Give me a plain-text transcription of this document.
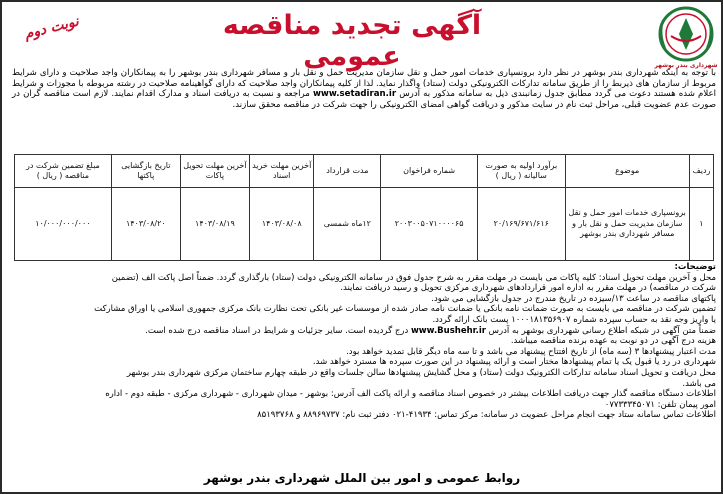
نوبت دوم	آگهی تجدید مناقصه عمومی	شهرداری بندر بوشهر
با توجه به اینکه شهرداری بندر بوشهر در نظر دارد برونسپاری خدمات امور حمل و نقل سازمان مدیریت حمل و نقل بار و مسافر شهرداری بندر بوشهر را به پیمانکاران واجد صلاحیت و دارای شرایط مربوط از سازمان های ذیربط را از طریق سامانه تدارکات الکترونیکی دولت (ستاد) واگذار نماید. لذا از کلیه پیمانکاران واجد صلاحیت که دارای گواهینامه صلاحیت در رشته مربوطه با مجوزات و شرایط اعلام شده هستند دعوت می گردد مطابق جدول زمانبندی ذیل به سامانه مذکور به آدرس www.setadiran.ir مراجعه و نسبت به دریافت اسناد و مدارک اقدام نمایند. لازم است مناقصه گران در صورت عدم عضویت قبلی، مراحل ثبت نام در سایت مذکور و دریافت گواهی امضای الکترونیکی را جهت شرکت در مناقصه محقق سازند.
ردیف	موضوع	برآورد اولیه به صورت سالیانه ( ریال )	شماره فراخوان	مدت قرارداد	آخرین مهلت خرید اسناد	آخرین مهلت تحویل پاکات	تاریخ بازگشایی پاکتها	مبلغ تضمین شرکت در مناقصه ( ریال )
۱	برونسپاری خدمات امور حمل و نقل سازمان مدیریت حمل و نقل بار و مسافر شهرداری بندر بوشهر	۲۰/۱۶۹/۶۷۱/۶۱۶	۲۰۰۳۰۰۵۰۷۱۰۰۰۰۶۵	۱۲ماه شمسی	۱۴۰۳/۰۸/۰۸	۱۴۰۳/۰۸/۱۹	۱۴۰۳/۰۸/۲۰	۱۰/۰۰۰/۰۰۰/۰۰۰

توضیحات:

محل و آخرین مهلت تحویل اسناد: کلیه پاکات می بایست در مهلت مقرر به شرح جدول فوق در سامانه الکترونیکی دولت (ستاد) بارگذاری گردد. ضمناً اصل پاکت الف (تضمین

شرکت در مناقصه) در مهلت مقرر به اداره امور قراردادهای شهرداری مرکزی تحویل و رسید دریافت نمایند.

پاکتهای مناقصه در ساعت ۱۳/سیزده در تاریخ مندرج در جدول بازگشایی می شود.

تضمین شرکت در مناقصه می بایست به صورت ضمانت نامه بانکی یا ضمانت نامه صادر شده از موسسات غیر بانکی تحت نظارت بانک مرکزی جمهوری اسلامی یا اوراق مشارکت

یا واریز وجه نقد به حساب سپرده شماره ۱۰۰۰۱۸۱۳۵۶۹۰۷ پست بانک ارائه گردد.

ضمناً متن آگهی در شبکه اطلاع رسانی شهرداری بوشهر به آدرس www.Bushehr.ir درج گردیده است. سایر جزئیات و شرایط در اسناد مناقصه درج شده است.

هزینه درج آگهی در دو نوبت به عهده برنده مناقصه میباشد.

مدت اعتبار پیشنهادها ۳ (سه ماه) از تاریخ افتتاح پیشنهاد می باشد و تا سه ماه دیگر قابل تمدید خواهد بود.

شهرداری در رد یا قبول یک یا تمام پیشنهادها مختار است و ارائه پیشنهاد در این صورت سپرده ها مسترد خواهد شد.

محل دریافت و تحویل اسناد سامانه تدارکات الکترونیک دولت (ستاد) و محل گشایش پیشنهادها سالن جلسات واقع در طبقه چهارم ساختمان مرکزی شهرداری بندر بوشهر

می باشد.

اطلاعات دستگاه مناقصه گذار جهت دریافت اطلاعات بیشتر در خصوص اسناد مناقصه و ارائه پاکت الف آدرس: بوشهر - میدان شهرداری - شهرداری مرکزی - طبقه دوم - اداره

امور پیمان تلفن: ۰۷۷۳۳۳۴۵۰۷۱

اطلاعات تماس سامانه ستاد جهت انجام مراحل عضویت در سامانه: مرکز تماس: ۴۱۹۳۴-۰۲۱ دفتر ثبت نام: ۸۸۹۶۹۷۳۷ و ۸۵۱۹۳۷۶۸

روابط عمومی و امور بین الملل شهرداری بندر بوشهر
